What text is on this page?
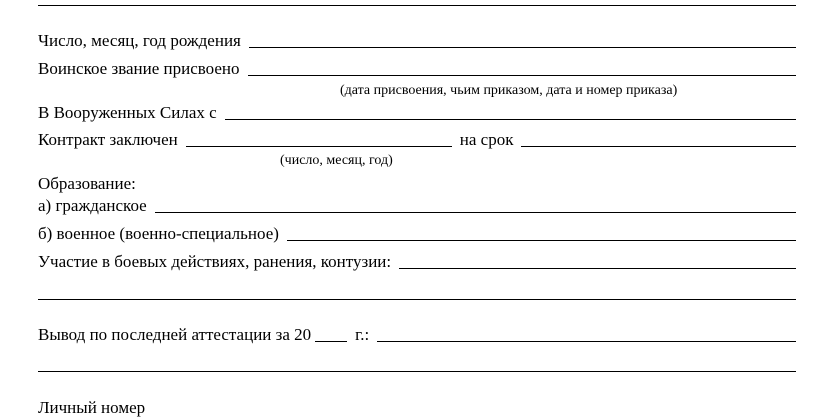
Число, месяц, год рождения
Воинское звание присвоено
(дата присвоения, чьим приказом, дата и номер приказа)
В Вооруженных Силах с
Контракт заключен	на срок
(число, месяц, год)
Образование:
а) гражданское
б) военное (военно-специальное)
Участие в боевых действиях, ранения, контузии:
Вывод по последней аттестации за 20	г.:
Личный номер
